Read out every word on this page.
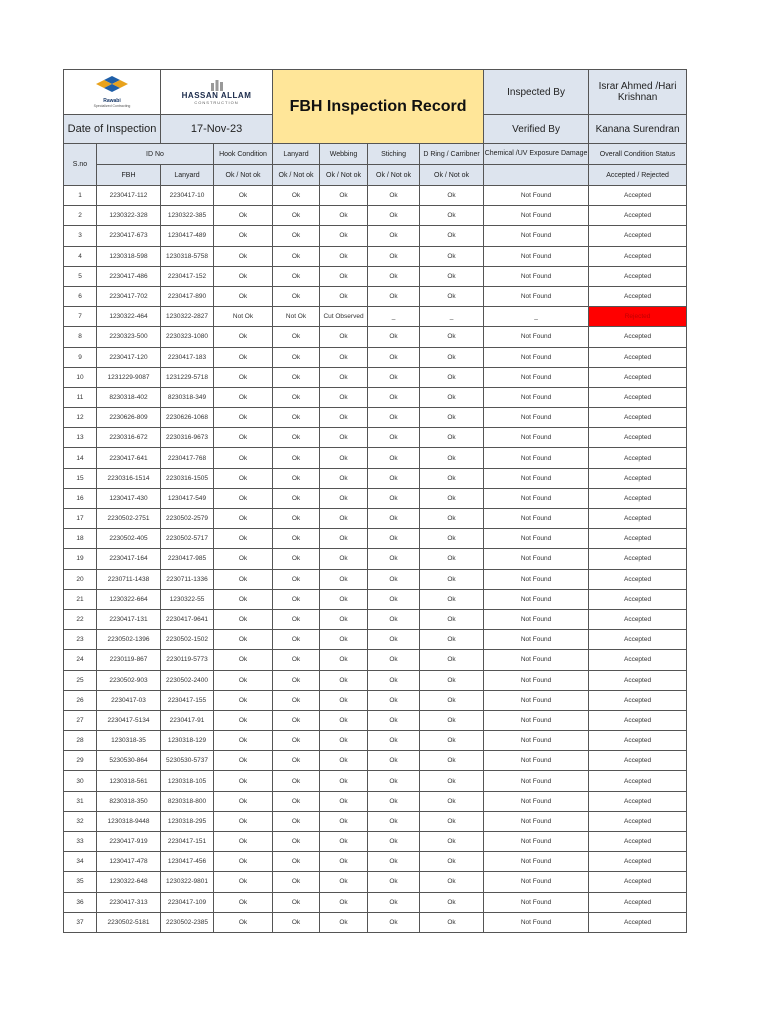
Rawabi
Specialized Contracting		HASSAN ALLAM
CONSTRUCTION		FBH Inspection Record				Inspected By	Israr Ahmed /Hari Krishnan
Date of Inspection		17-Nov-23						Verified By	Kanana Surendran
S.no	ID No		Hook Condition	Lanyard	Webbing	Stiching	D Ring / Carribner	Chemical /UV Exposure Damage	Overall Condition Status
	FBH	Lanyard	Ok / Not ok	Ok / Not ok	Ok / Not ok	Ok / Not ok	Ok / Not ok		Accepted / Rejected
1	2230417-112	2230417-10	Ok	Ok	Ok	Ok	Ok	Not Found	Accepted
2	1230322-328	1230322-385	Ok	Ok	Ok	Ok	Ok	Not Found	Accepted
3	2230417-673	1230417-489	Ok	Ok	Ok	Ok	Ok	Not Found	Accepted
4	1230318-598	1230318-5758	Ok	Ok	Ok	Ok	Ok	Not Found	Accepted
5	2230417-486	2230417-152	Ok	Ok	Ok	Ok	Ok	Not Found	Accepted
6	2230417-702	2230417-890	Ok	Ok	Ok	Ok	Ok	Not Found	Accepted
7	1230322-464	1230322-2827	Not Ok	Not Ok	Cut Observed	_	_	_	Rejected
8	2230323-500	2230323-1080	Ok	Ok	Ok	Ok	Ok	Not Found	Accepted
9	2230417-120	2230417-183	Ok	Ok	Ok	Ok	Ok	Not Found	Accepted
10	1231229-9087	1231229-5718	Ok	Ok	Ok	Ok	Ok	Not Found	Accepted
11	8230318-402	8230318-349	Ok	Ok	Ok	Ok	Ok	Not Found	Accepted
12	2230626-809	2230626-1068	Ok	Ok	Ok	Ok	Ok	Not Found	Accepted
13	2230316-672	2230316-9673	Ok	Ok	Ok	Ok	Ok	Not Found	Accepted
14	2230417-641	2230417-768	Ok	Ok	Ok	Ok	Ok	Not Found	Accepted
15	2230316-1514	2230316-1505	Ok	Ok	Ok	Ok	Ok	Not Found	Accepted
16	1230417-430	1230417-549	Ok	Ok	Ok	Ok	Ok	Not Found	Accepted
17	2230502-2751	2230502-2579	Ok	Ok	Ok	Ok	Ok	Not Found	Accepted
18	2230502-405	2230502-5717	Ok	Ok	Ok	Ok	Ok	Not Found	Accepted
19	2230417-164	2230417-985	Ok	Ok	Ok	Ok	Ok	Not Found	Accepted
20	2230711-1438	2230711-1336	Ok	Ok	Ok	Ok	Ok	Not Found	Accepted
21	1230322-664	1230322-55	Ok	Ok	Ok	Ok	Ok	Not Found	Accepted
22	2230417-131	2230417-9641	Ok	Ok	Ok	Ok	Ok	Not Found	Accepted
23	2230502-1396	2230502-1502	Ok	Ok	Ok	Ok	Ok	Not Found	Accepted
24	2230119-867	2230119-5773	Ok	Ok	Ok	Ok	Ok	Not Found	Accepted
25	2230502-903	2230502-2400	Ok	Ok	Ok	Ok	Ok	Not Found	Accepted
26	2230417-03	2230417-155	Ok	Ok	Ok	Ok	Ok	Not Found	Accepted
27	2230417-5134	2230417-91	Ok	Ok	Ok	Ok	Ok	Not Found	Accepted
28	1230318-35	1230318-129	Ok	Ok	Ok	Ok	Ok	Not Found	Accepted
29	5230530-864	5230530-5737	Ok	Ok	Ok	Ok	Ok	Not Found	Accepted
30	1230318-561	1230318-105	Ok	Ok	Ok	Ok	Ok	Not Found	Accepted
31	8230318-350	8230318-800	Ok	Ok	Ok	Ok	Ok	Not Found	Accepted
32	1230318-9448	1230318-295	Ok	Ok	Ok	Ok	Ok	Not Found	Accepted
33	2230417-919	2230417-151	Ok	Ok	Ok	Ok	Ok	Not Found	Accepted
34	1230417-478	1230417-456	Ok	Ok	Ok	Ok	Ok	Not Found	Accepted
35	1230322-648	1230322-9801	Ok	Ok	Ok	Ok	Ok	Not Found	Accepted
36	2230417-313	2230417-109	Ok	Ok	Ok	Ok	Ok	Not Found	Accepted
37	2230502-5181	2230502-2385	Ok	Ok	Ok	Ok	Ok	Not Found	Accepted
